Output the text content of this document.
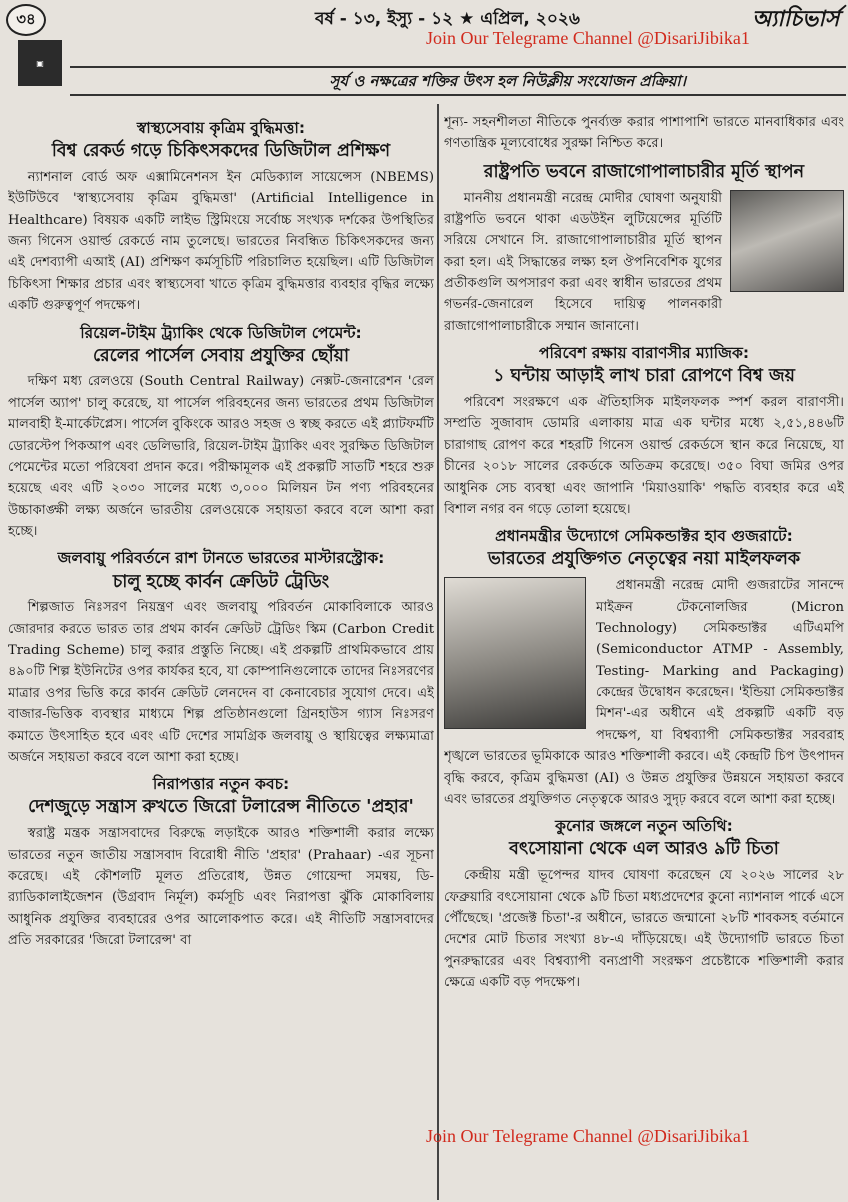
৩৪	বর্ষ - ১৩, ইস্যু - ১২ ★ এপ্রিল, ২০২৬	অ্যাচিভার্স
Join Our Telegrame Channel @DisariJibika1
▣
সূর্য ও নক্ষত্রের শক্তির উৎস হল নিউক্লীয় সংযোজন প্রক্রিয়া।
স্বাস্থ্যসেবায় কৃত্রিম বুদ্ধিমত্তা:
বিশ্ব রেকর্ড গড়ে চিকিৎসকদের ডিজিটাল প্রশিক্ষণ

ন্যাশনাল বোর্ড অফ এক্সামিনেশনস ইন মেডিক্যাল সায়েন্সেস (NBEMS) ইউটিউবে 'স্বাস্থ্যসেবায় কৃত্রিম বুদ্ধিমত্তা' (Artificial Intelligence in Healthcare) বিষয়ক একটি লাইভ স্ট্রিমিংয়ে সর্বোচ্চ সংখ্যক দর্শকের উপস্থিতির জন্য গিনেস ওয়ার্ল্ড রেকর্ডে নাম তুলেছে। ভারতের নিবন্ধিত চিকিৎসকদের জন্য এই দেশব্যাপী এআই (AI) প্রশিক্ষণ কর্মসূচিটি পরিচালিত হয়েছিল। এটি ডিজিটাল চিকিৎসা শিক্ষার প্রচার এবং স্বাস্থ্যসেবা খাতে কৃত্রিম বুদ্ধিমত্তার ব্যবহার বৃদ্ধির লক্ষ্যে একটি গুরুত্বপূর্ণ পদক্ষেপ।

রিয়েল-টাইম ট্র্যাকিং থেকে ডিজিটাল পেমেন্ট:
রেলের পার্সেল সেবায় প্রযুক্তির ছোঁয়া

দক্ষিণ মধ্য রেলওয়ে (South Central Railway) নেক্সট-জেনারেশন 'রেল পার্সেল অ্যাপ' চালু করেছে, যা পার্সেল পরিবহনের জন্য ভারতের প্রথম ডিজিটাল মালবাহী ই-মার্কেটপ্লেস। পার্সেল বুকিংকে আরও সহজ ও স্বচ্ছ করতে এই প্ল্যাটফর্মটি ডোরস্টেপ পিকআপ এবং ডেলিভারি, রিয়েল-টাইম ট্র্যাকিং এবং সুরক্ষিত ডিজিটাল পেমেন্টের মতো পরিষেবা প্রদান করে। পরীক্ষামূলক এই প্রকল্পটি সাতটি শহরে শুরু হয়েছে এবং এটি ২০৩০ সালের মধ্যে ৩,০০০ মিলিয়ন টন পণ্য পরিবহনের উচ্চাকাঙ্ক্ষী লক্ষ্য অর্জনে ভারতীয় রেলওয়েকে সহায়তা করবে বলে আশা করা হচ্ছে।

জলবায়ু পরিবর্তনে রাশ টানতে ভারতের মাস্টারস্ট্রোক:
চালু হচ্ছে কার্বন ক্রেডিট ট্রেডিং

শিল্পজাত নিঃসরণ নিয়ন্ত্রণ এবং জলবায়ু পরিবর্তন মোকাবিলাকে আরও জোরদার করতে ভারত তার প্রথম কার্বন ক্রেডিট ট্রেডিং স্কিম (Carbon Credit Trading Scheme) চালু করার প্রস্তুতি নিচ্ছে। এই প্রকল্পটি প্রাথমিকভাবে প্রায় ৪৯০টি শিল্প ইউনিটের ওপর কার্যকর হবে, যা কোম্পানিগুলোকে তাদের নিঃসরণের মাত্রার ওপর ভিত্তি করে কার্বন ক্রেডিট লেনদেন বা কেনাবেচার সুযোগ দেবে। এই বাজার-ভিত্তিক ব্যবস্থার মাধ্যমে শিল্প প্রতিষ্ঠানগুলো গ্রিনহাউস গ্যাস নিঃসরণ কমাতে উৎসাহিত হবে এবং এটি দেশের সামগ্রিক জলবায়ু ও স্থায়িত্বের লক্ষ্যমাত্রা অর্জনে সহায়তা করবে বলে আশা করা হচ্ছে।

নিরাপত্তার নতুন কবচ:
দেশজুড়ে সন্ত্রাস রুখতে জিরো টলারেন্স নীতিতে 'প্রহার'

স্বরাষ্ট্র মন্ত্রক সন্ত্রাসবাদের বিরুদ্ধে লড়াইকে আরও শক্তিশালী করার লক্ষ্যে ভারতের নতুন জাতীয় সন্ত্রাসবাদ বিরোধী নীতি 'প্রহার' (Prahaar) -এর সূচনা করেছে। এই কৌশলটি মূলত প্রতিরোধ, উন্নত গোয়েন্দা সমন্বয়, ডি-র‍্যাডিকালাইজেশন (উগ্রবাদ নির্মূল) কর্মসূচি এবং নিরাপত্তা ঝুঁকি মোকাবিলায় আধুনিক প্রযুক্তির ব্যবহারের ওপর আলোকপাত করে। এই নীতিটি সন্ত্রাসবাদের প্রতি সরকারের 'জিরো টলারেন্স' বা

শূন্য- সহনশীলতা নীতিকে পুনর্ব্যক্ত করার পাশাপাশি ভারতে মানবাধিকার এবং গণতান্ত্রিক মূল্যবোধের সুরক্ষা নিশ্চিত করে।

রাষ্ট্রপতি ভবনে রাজাগোপালাচারীর মূর্তি স্থাপন

মাননীয় প্রধানমন্ত্রী নরেন্দ্র মোদীর ঘোষণা অনুযায়ী রাষ্ট্রপতি ভবনে থাকা এডউইন লুটিয়েন্সের মূর্তিটি সরিয়ে সেখানে সি. রাজাগোপালাচারীর মূর্তি স্থাপন করা হল। এই সিদ্ধান্তের লক্ষ্য হল ঔপনিবেশিক যুগের প্রতীকগুলি অপসারণ করা এবং স্বাধীন ভারতের প্রথম গভর্নর-জেনারেল হিসেবে দায়িত্ব পালনকারী রাজাগোপালাচারীকে সম্মান জানানো।

পরিবেশ রক্ষায় বারাণসীর ম্যাজিক:
১ ঘন্টায় আড়াই লাখ চারা রোপণে বিশ্ব জয়

পরিবেশ সংরক্ষণে এক ঐতিহাসিক মাইলফলক স্পর্শ করল বারাণসী। সম্প্রতি সুজাবাদ ডোমরি এলাকায় মাত্র এক ঘন্টার মধ্যে ২,৫১,৪৪৬টি চারাগাছ রোপণ করে শহরটি গিনেস ওয়ার্ল্ড রেকর্ডসে স্থান করে নিয়েছে, যা চীনের ২০১৮ সালের রেকর্ডকে অতিক্রম করেছে। ৩৫০ বিঘা জমির ওপর আধুনিক সেচ ব্যবস্থা এবং জাপানি 'মিয়াওয়াকি' পদ্ধতি ব্যবহার করে এই বিশাল নগর বন গড়ে তোলা হয়েছে।

প্রধানমন্ত্রীর উদ্যোগে সেমিকন্ডাক্টর হাব গুজরাটে:
ভারতের প্রযুক্তিগত নেতৃত্বের নয়া মাইলফলক

প্রধানমন্ত্রী নরেন্দ্র মোদী গুজরাটের সানন্দে মাইক্রন টেকনোলজির (Micron Technology) সেমিকন্ডাক্টর এটিএমপি (Semiconductor ATMP - Assembly, Testing- Marking and Packaging) কেন্দ্রের উদ্বোধন করেছেন। 'ইন্ডিয়া সেমিকন্ডাক্টর মিশন'-এর অধীনে এই প্রকল্পটি একটি বড় পদক্ষেপ, যা বিশ্বব্যাপী সেমিকন্ডাক্টর সরবরাহ শৃঙ্খলে ভারতের ভূমিকাকে আরও শক্তিশালী করবে। এই কেন্দ্রটি চিপ উৎপাদন বৃদ্ধি করবে, কৃত্রিম বুদ্ধিমত্তা (AI) ও উন্নত প্রযুক্তির উন্নয়নে সহায়তা করবে এবং ভারতের প্রযুক্তিগত নেতৃত্বকে আরও সুদৃঢ় করবে বলে আশা করা হচ্ছে।

কুনোর জঙ্গলে নতুন অতিথি:
বৎসোয়ানা থেকে এল আরও ৯টি চিতা

কেন্দ্রীয় মন্ত্রী ভূপেন্দর যাদব ঘোষণা করেছেন যে ২০২৬ সালের ২৮ ফেব্রুয়ারি বৎসোয়ানা থেকে ৯টি চিতা মধ্যপ্রদেশের কুনো ন্যাশনাল পার্কে এসে পৌঁছেছে। 'প্রজেক্ট চিতা'-র অধীনে, ভারতে জন্মানো ২৮টি শাবকসহ বর্তমানে দেশের মোট চিতার সংখ্যা ৪৮-এ দাঁড়িয়েছে। এই উদ্যোগটি ভারতে চিতা পুনরুদ্ধারের এবং বিশ্বব্যাপী বন্যপ্রাণী সংরক্ষণ প্রচেষ্টাকে শক্তিশালী করার ক্ষেত্রে একটি বড় পদক্ষেপ।

Join Our Telegrame Channel @DisariJibika1
